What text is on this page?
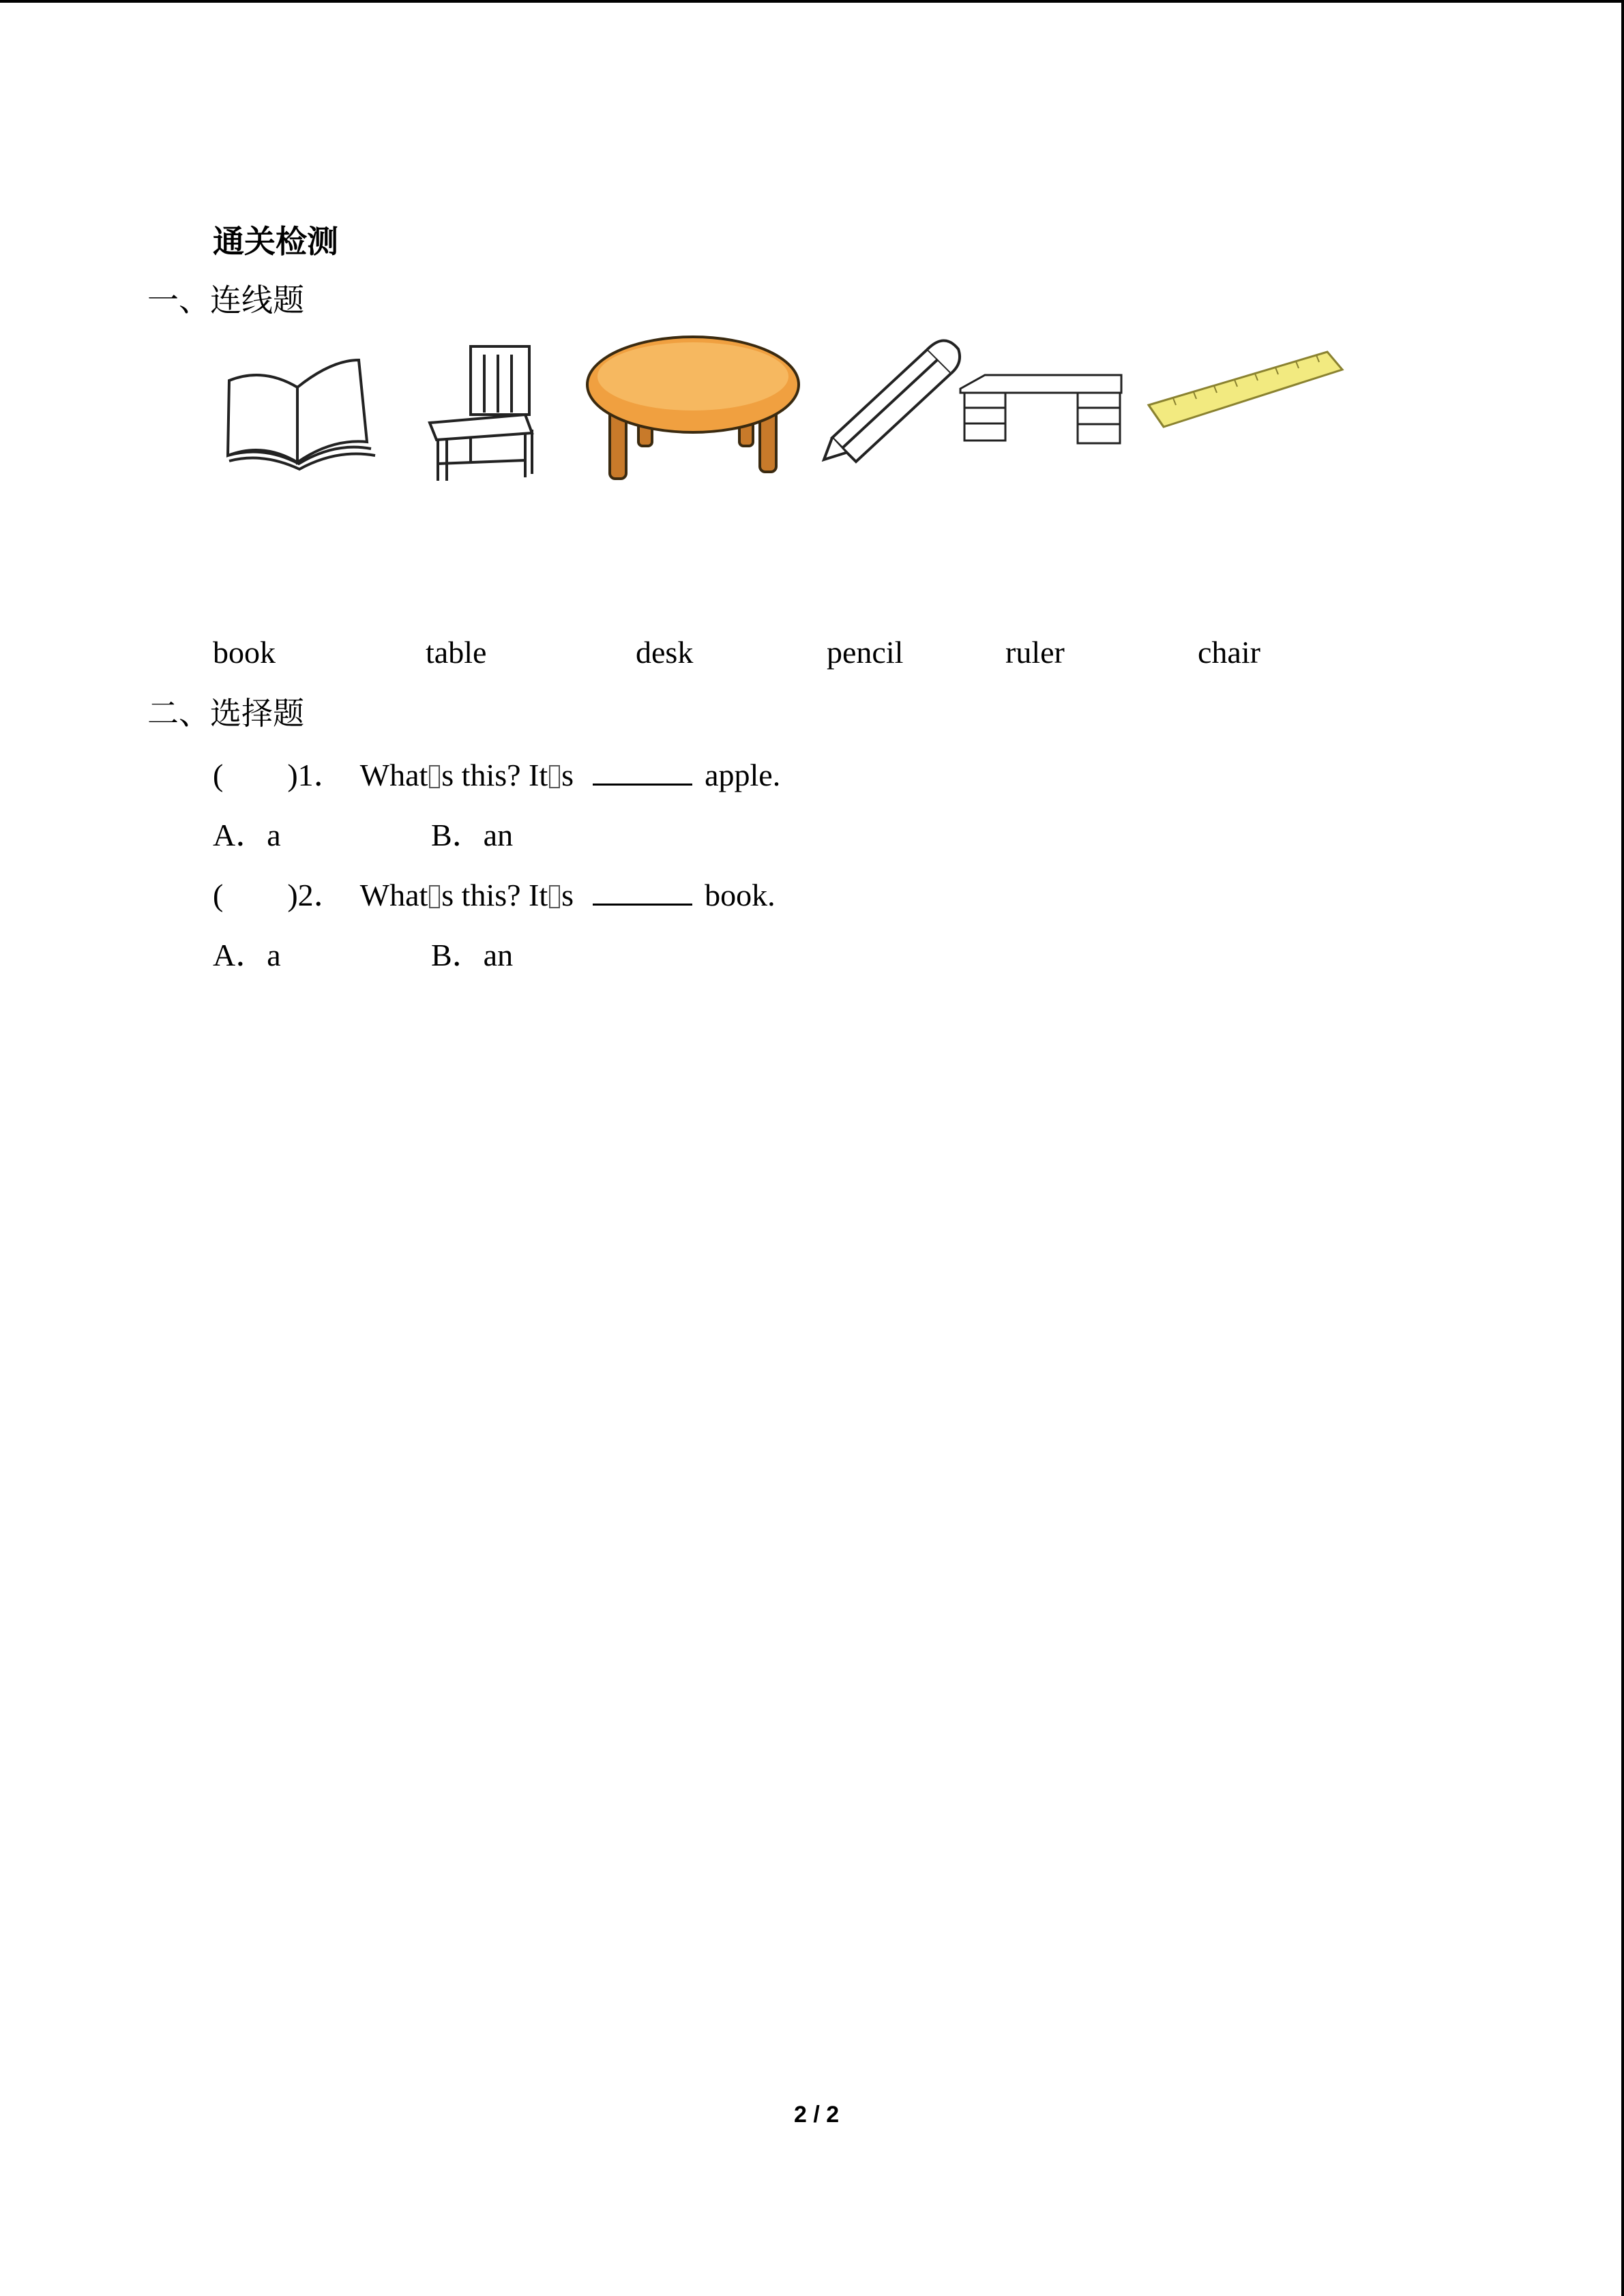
通关检测
一、连线题
book	table	desk	pencil	ruler	chair
二、选择题
( )1． What s this? It s	apple.
A．a	B．an
( )2． What s this? It s	book.
A．a	B．an
2 / 2
